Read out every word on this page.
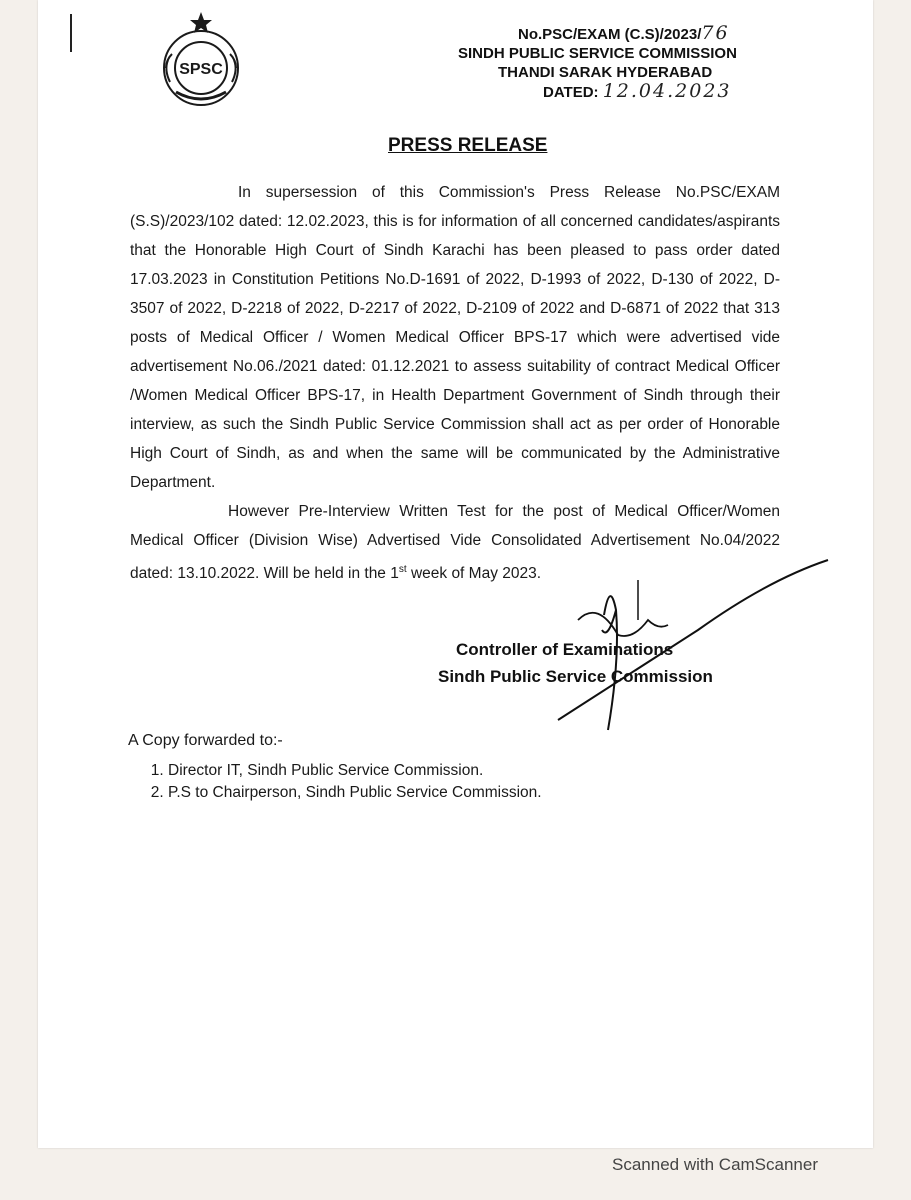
SPSC
No.PSC/EXAM (C.S)/2023/76
SINDH PUBLIC SERVICE COMMISSION
THANDI SARAK HYDERABAD
DATED: 12.04.2023
PRESS RELEASE
In supersession of this Commission's Press Release No.PSC/EXAM (S.S)/2023/102 dated: 12.02.2023, this is for information of all concerned candidates/aspirants that the Honorable High Court of Sindh Karachi has been pleased to pass order dated 17.03.2023 in Constitution Petitions No.D-1691 of 2022, D-1993 of 2022, D-130 of 2022, D-3507 of 2022, D-2218 of 2022, D-2217 of 2022, D-2109 of 2022 and D-6871 of 2022 that 313 posts of Medical Officer / Women Medical Officer BPS-17 which were advertised vide advertisement No.06./2021 dated: 01.12.2021 to assess suitability of contract Medical Officer /Women Medical Officer BPS-17, in Health Department Government of Sindh through their interview, as such the Sindh Public Service Commission shall act as per order of Honorable High Court of Sindh, as and when the same will be communicated by the Administrative Department.
However Pre-Interview Written Test for the post of Medical Officer/Women Medical Officer (Division Wise) Advertised Vide Consolidated Advertisement No.04/2022 dated: 13.10.2022. Will be held in the 1st week of May 2023.
Controller of Examinations
Sindh Public Service Commission
A Copy forwarded to:-
1. Director IT, Sindh Public Service Commission.
2. P.S to Chairperson, Sindh Public Service Commission.
Scanned with CamScanner
